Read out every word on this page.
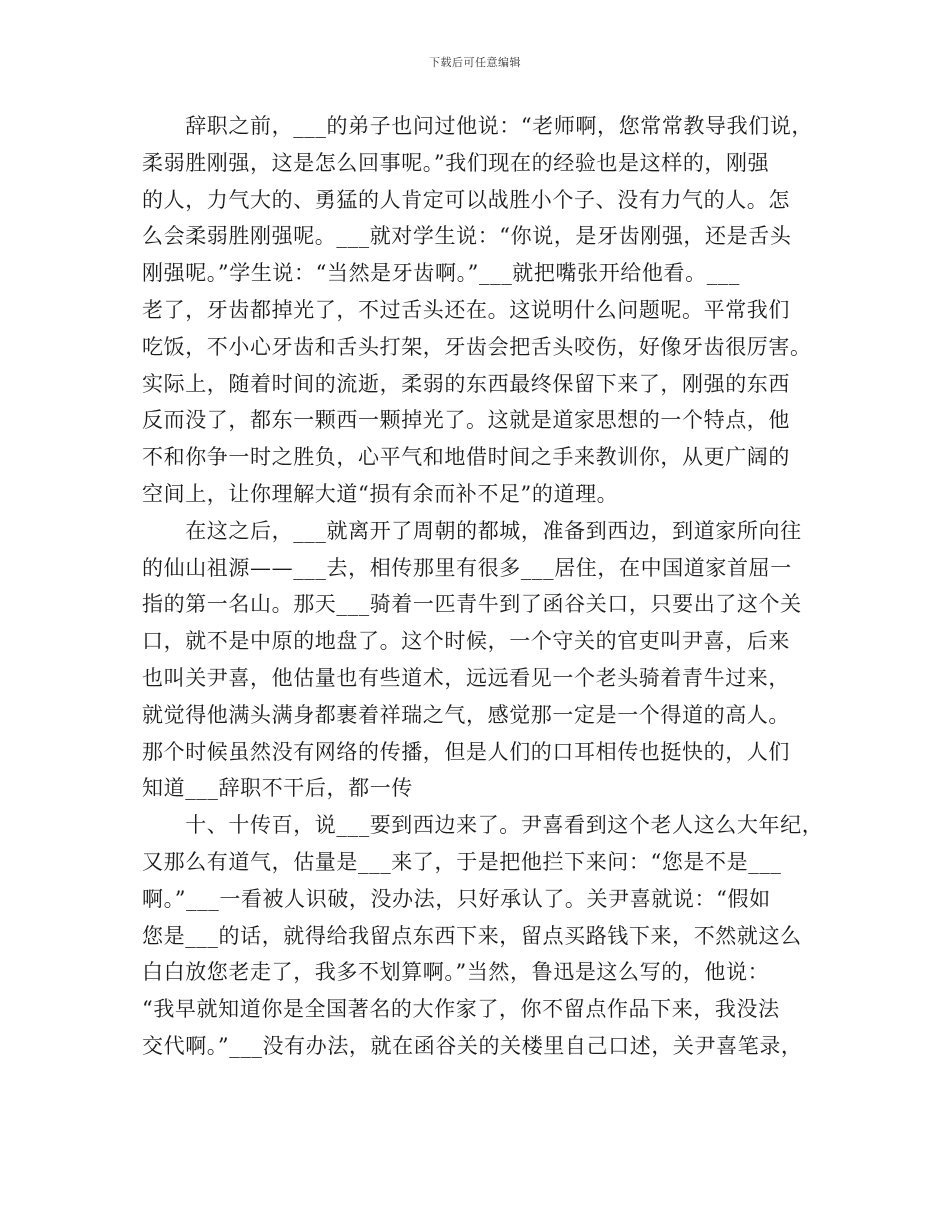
下载后可任意编辑
　　辞职之前，___的弟子也问过他说：“老师啊，您常常教导我们说，
柔弱胜刚强，这是怎么回事呢。”我们现在的经验也是这样的，刚强
的人，力气大的、勇猛的人肯定可以战胜小个子、没有力气的人。怎
么会柔弱胜刚强呢。___就对学生说：“你说，是牙齿刚强，还是舌头
刚强呢。”学生说：“当然是牙齿啊。”___就把嘴张开给他看。___
老了，牙齿都掉光了，不过舌头还在。这说明什么问题呢。平常我们
吃饭，不小心牙齿和舌头打架，牙齿会把舌头咬伤，好像牙齿很厉害。
实际上，随着时间的流逝，柔弱的东西最终保留下来了，刚强的东西
反而没了，都东一颗西一颗掉光了。这就是道家思想的一个特点，他
不和你争一时之胜负，心平气和地借时间之手来教训你，从更广阔的
空间上，让你理解大道“损有余而补不足”的道理。
　　在这之后，___就离开了周朝的都城，准备到西边，到道家所向往
的仙山祖源——___去，相传那里有很多___居住，在中国道家首屈一
指的第一名山。那天___骑着一匹青牛到了函谷关口，只要出了这个关
口，就不是中原的地盘了。这个时候，一个守关的官吏叫尹喜，后来
也叫关尹喜，他估量也有些道术，远远看见一个老头骑着青牛过来，
就觉得他满头满身都裹着祥瑞之气，感觉那一定是一个得道的高人。
那个时候虽然没有网络的传播，但是人们的口耳相传也挺快的，人们
知道___辞职不干后，都一传
　　十、十传百，说___要到西边来了。尹喜看到这个老人这么大年纪，
又那么有道气，估量是___来了，于是把他拦下来问：“您是不是___
啊。”___一看被人识破，没办法，只好承认了。关尹喜就说：“假如
您是___的话，就得给我留点东西下来，留点买路钱下来，不然就这么
白白放您老走了，我多不划算啊。”当然，鲁迅是这么写的，他说：
“我早就知道你是全国著名的大作家了，你不留点作品下来，我没法
交代啊。”___没有办法，就在函谷关的关楼里自己口述，关尹喜笔录，
